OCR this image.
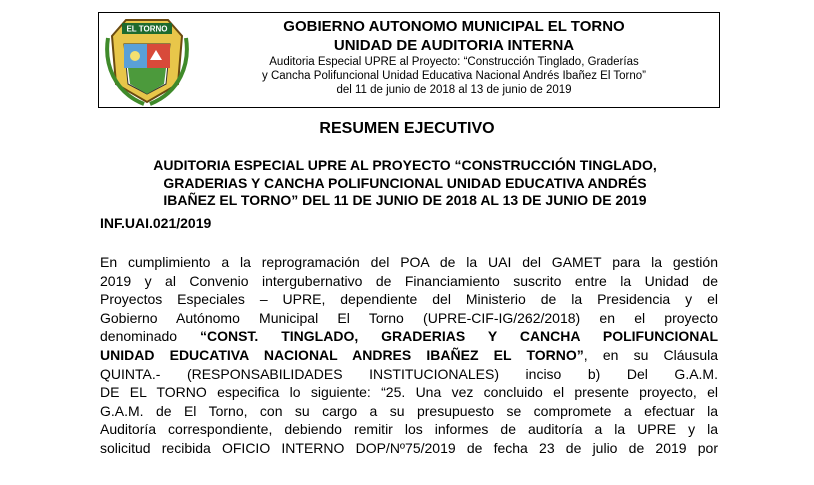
EL TORNO	GOBIERNO AUTONOMO MUNICIPAL EL TORNO
UNIDAD DE AUDITORIA INTERNA
Auditoria Especial UPRE al Proyecto: “Construcción Tinglado, Graderías
y Cancha Polifuncional Unidad Educativa Nacional Andrés Ibañez El Torno”
del 11 de junio de 2018 al 13 de junio de 2019
RESUMEN EJECUTIVO
AUDITORIA ESPECIAL UPRE AL PROYECTO “CONSTRUCCIÓN TINGLADO,
GRADERIAS Y CANCHA POLIFUNCIONAL UNIDAD EDUCATIVA ANDRÉS
IBAÑEZ EL TORNO” DEL 11 DE JUNIO DE 2018 AL 13 DE JUNIO DE 2019
INF.UAI.021/2019
En cumplimiento a la reprogramación del POA de la UAI del GAMET para la gestión
2019 y al Convenio intergubernativo de Financiamiento suscrito entre la Unidad de
Proyectos Especiales – UPRE, dependiente del Ministerio de la Presidencia y el
Gobierno Autónomo Municipal El Torno (UPRE-CIF-IG/262/2018) en el proyecto
denominado “CONST. TINGLADO, GRADERIAS Y CANCHA POLIFUNCIONAL
UNIDAD EDUCATIVA NACIONAL ANDRES IBAÑEZ EL TORNO”, en su Cláusula
QUINTA.- (RESPONSABILIDADES INSTITUCIONALES) inciso b) Del G.A.M.
DE EL TORNO especifica lo siguiente: “25. Una vez concluido el presente proyecto, el
G.A.M. de El Torno, con su cargo a su presupuesto se compromete a efectuar la
Auditoría correspondiente, debiendo remitir los informes de auditoría a la UPRE y la
solicitud recibida OFICIO INTERNO DOP/Nº75/2019 de fecha 23 de julio de 2019 por
